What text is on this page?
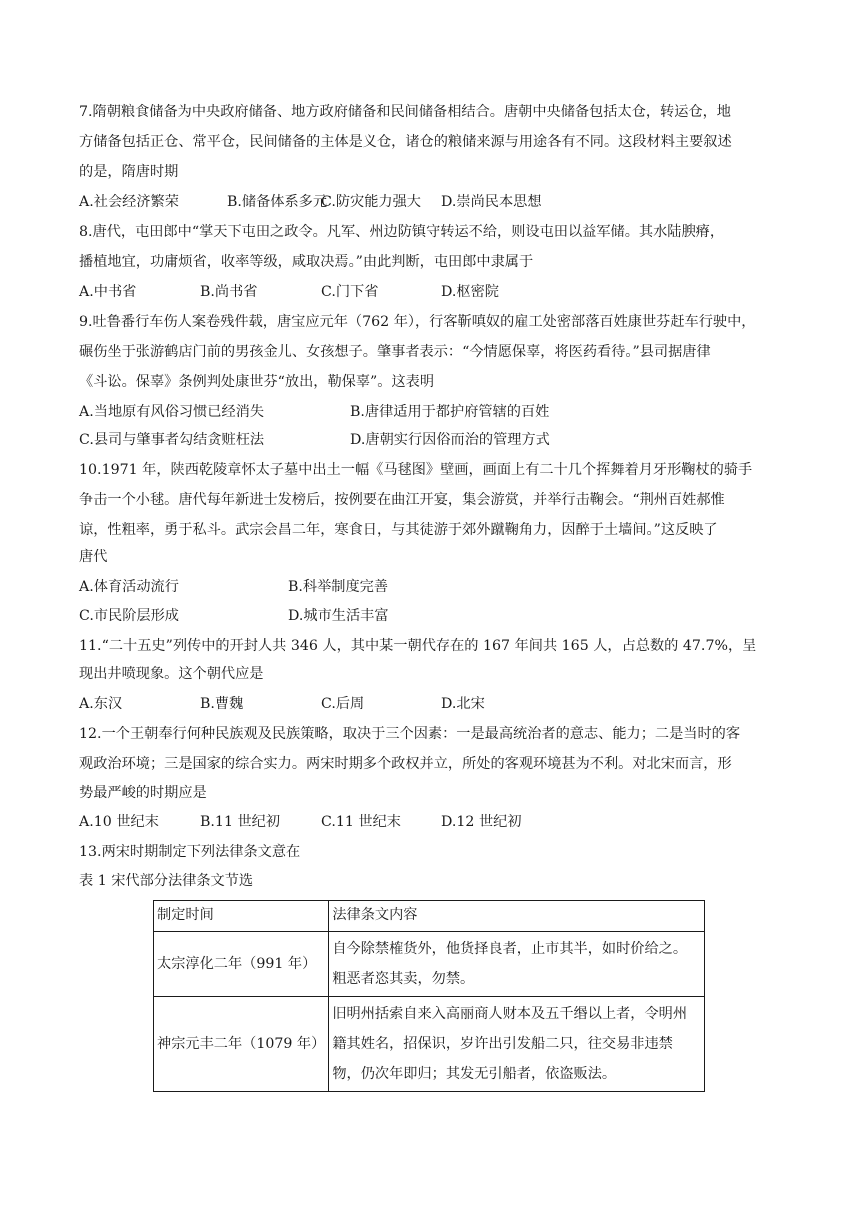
7.隋朝粮食储备为中央政府储备、地方政府储备和民间储备相结合。唐朝中央储备包括太仓，转运仓，地
方储备包括正仓、常平仓，民间储备的主体是义仓，诸仓的粮储来源与用途各有不同。这段材料主要叙述
的是，隋唐时期
A.社会经济繁荣	B.储备体系多元
C.防灾能力强大 D.崇尚民本思想
8.唐代，屯田郎中“掌天下屯田之政令。凡军、州边防镇守转运不给，则设屯田以益军储。其水陆腴瘠，
播植地宜，功庸烦省，收率等级，咸取决焉。”由此判断，屯田郎中隶属于
A.中书省	B.尚书省	C.门下省	D.枢密院
9.吐鲁番行车伤人案卷残件载，唐宝应元年（762 年），行客靳嗔奴的雇工处密部落百姓康世芬赶车行驶中，
碾伤坐于张游鹤店门前的男孩金儿、女孩想子。肇事者表示：“今情愿保辜，将医药看待。”县司据唐律
《斗讼。保辜》条例判处康世芬“放出，勒保辜”。这表明
A.当地原有风俗习惯已经消失	B.唐律适用于都护府管辖的百姓
C.县司与肇事者勾结贪赃枉法	D.唐朝实行因俗而治的管理方式
10.1971 年，陕西乾陵章怀太子墓中出土一幅《马毬图》壁画，画面上有二十几个挥舞着月牙形鞠杖的骑手
争击一个小毬。唐代每年新进士发榜后，按例要在曲江开宴，集会游赏，并举行击鞠会。“荆州百姓郝惟
谅，性粗率，勇于私斗。武宗会昌二年，寒食日，与其徒游于郊外蹴鞠角力，因醉于土墙间。”这反映了
唐代
A.体育活动流行	B.科举制度完善
C.市民阶层形成	D.城市生活丰富
11.“二十五史”列传中的开封人共 346 人，其中某一朝代存在的 167 年间共 165 人，占总数的 47.7%，呈
现出井喷现象。这个朝代应是
A.东汉	B.曹魏	C.后周	D.北宋
12.一个王朝奉行何种民族观及民族策略，取决于三个因素：一是最高统治者的意志、能力；二是当时的客
观政治环境；三是国家的综合实力。两宋时期多个政权并立，所处的客观环境甚为不利。对北宋而言，形
势最严峻的时期应是
A.10 世纪末	B.11 世纪初	C.11 世纪末	D.12 世纪初
13.两宋时期制定下列法律条文意在
表 1 宋代部分法律条文节选
制定时间	法律条文内容
太宗淳化二年（991 年）	自今除禁榷货外，他货择良者，止市其半，如时价给之。粗恶者恣其卖，勿禁。
神宗元丰二年（1079 年）	旧明州括索自来入高丽商人财本及五千缗以上者，令明州籍其姓名，招保识，岁许出引发船二只，往交易非违禁物，仍次年即归；其发无引船者，依盗贩法。
